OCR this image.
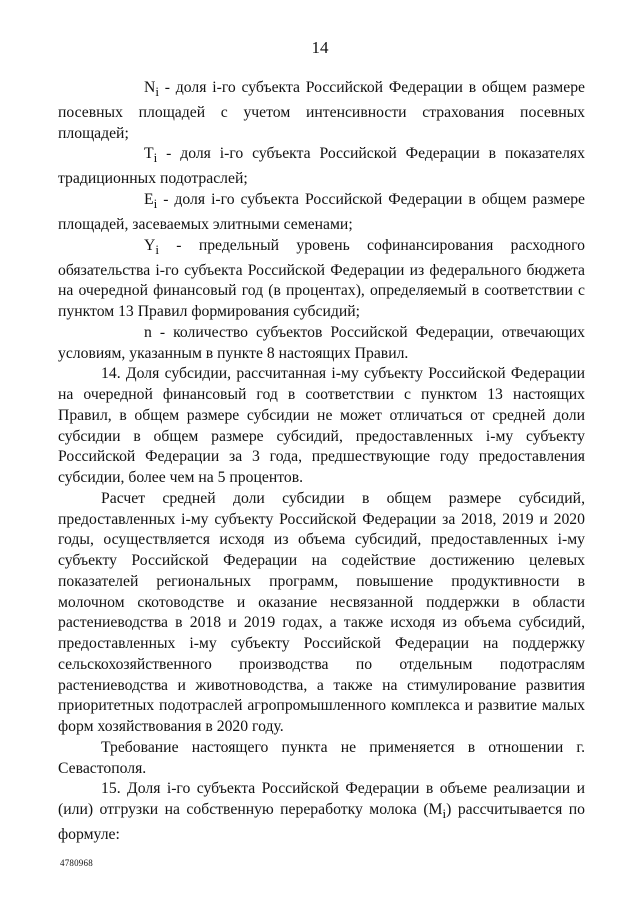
14

$N_i$ - доля i-го субъекта Российской Федерации в общем размере посевных площадей с учетом интенсивности страхования посевных площадей;

$T_i$ - доля i-го субъекта Российской Федерации в показателях традиционных подотраслей;

$E_i$ - доля i-го субъекта Российской Федерации в общем размере площадей, засеваемых элитными семенами;

$Y_i$ - предельный уровень софинансирования расходного обязательства i-го субъекта Российской Федерации из федерального бюджета на очередной финансовый год (в процентах), определяемый в соответствии с пунктом 13 Правил формирования субсидий;

n - количество субъектов Российской Федерации, отвечающих условиям, указанным в пункте 8 настоящих Правил.

14. Доля субсидии, рассчитанная i-му субъекту Российской Федерации на очередной финансовый год в соответствии с пунктом 13 настоящих Правил, в общем размере субсидии не может отличаться от средней доли субсидии в общем размере субсидий, предоставленных i-му субъекту Российской Федерации за 3 года, предшествующие году предоставления субсидии, более чем на 5 процентов.

Расчет средней доли субсидии в общем размере субсидий, предоставленных i-му субъекту Российской Федерации за 2018, 2019 и 2020 годы, осуществляется исходя из объема субсидий, предоставленных i-му субъекту Российской Федерации на содействие достижению целевых показателей региональных программ, повышение продуктивности в молочном скотоводстве и оказание несвязанной поддержки в области растениеводства в 2018 и 2019 годах, а также исходя из объема субсидий, предоставленных i-му субъекту Российской Федерации на поддержку сельскохозяйственного производства по отдельным подотраслям растениеводства и животноводства, а также на стимулирование развития приоритетных подотраслей агропромышленного комплекса и развитие малых форм хозяйствования в 2020 году.

Требование настоящего пункта не применяется в отношении г. Севастополя.

15. Доля i-го субъекта Российской Федерации в объеме реализации и (или) отгрузки на собственную переработку молока $(M_i)$ рассчитывается по формуле:

4780968
